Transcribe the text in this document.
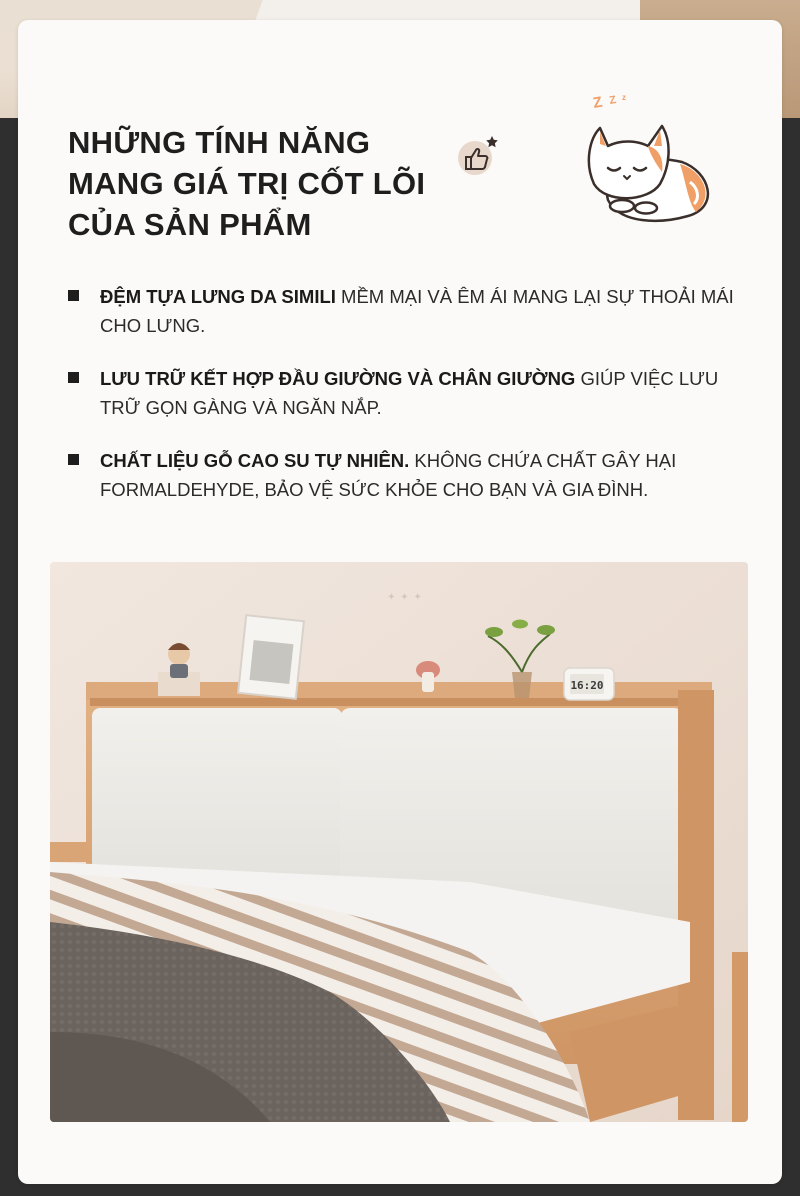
NHỮNG TÍNH NĂNG
MANG GIÁ TRỊ CỐT LÕI
CỦA SẢN PHẨM
Z Z z
ĐỆM TỰA LƯNG DA SIMILI MỀM MẠI VÀ ÊM ÁI MANG LẠI SỰ THOẢI MÁI CHO LƯNG.
LƯU TRỮ KẾT HỢP ĐẦU GIƯỜNG VÀ CHÂN GIƯỜNG GIÚP VIỆC LƯU TRỮ GỌN GÀNG VÀ NGĂN NẮP.
CHẤT LIỆU GỖ CAO SU TỰ NHIÊN. KHÔNG CHỨA CHẤT GÂY HẠI FORMALDEHYDE, BẢO VỆ SỨC KHỎE CHO BẠN VÀ GIA ĐÌNH.
16:20
✦ ✦ ✦
